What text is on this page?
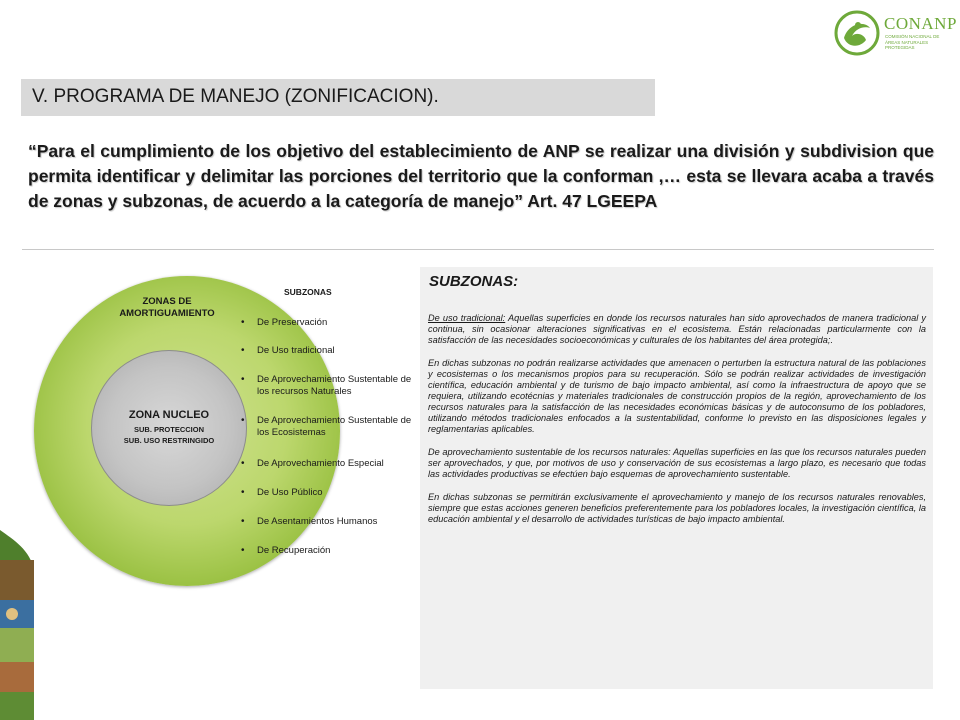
CONANP
COMISIÓN NACIONAL DE ÁREAS NATURALES PROTEGIDAS
V. PROGRAMA DE MANEJO (ZONIFICACION).
“Para el cumplimiento de los objetivo del establecimiento de ANP se realizar una división y subdivision que permita identificar y delimitar las porciones del territorio que la conforman ,… esta se llevara acaba a través de zonas y subzonas, de acuerdo a la categoría de manejo” Art. 47 LGEEPA
ZONAS DE AMORTIGUAMIENTO
ZONA NUCLEO
SUB. PROTECCION
SUB. USO RESTRINGIDO
SUBZONAS
• De Preservación
• De Uso tradicional
• De Aprovechamiento Sustentable de los recursos Naturales
• De Aprovechamiento Sustentable de los Ecosistemas
• De Aprovechamiento Especial
• De Uso Público
• De Asentamientos Humanos
• De Recuperación
SUBZONAS:

De uso tradicional: Aquellas superficies en donde los recursos naturales han sido aprovechados de manera tradicional y continua, sin ocasionar alteraciones significativas en el ecosistema. Están relacionadas particularmente con la satisfacción de las necesidades socioeconómicas y culturales de los habitantes del área protegida;.

En dichas subzonas no podrán realizarse actividades que amenacen o perturben la estructura natural de las poblaciones y ecosistemas o los mecanismos propios para su recuperación. Sólo se podrán realizar actividades de investigación científica, educación ambiental y de turismo de bajo impacto ambiental, así como la infraestructura de apoyo que se requiera, utilizando ecotécnias y materiales tradicionales de construcción propios de la región, aprovechamiento de los recursos naturales para la satisfacción de las necesidades económicas básicas y de autoconsumo de los pobladores, utilizando métodos tradicionales enfocados a la sustentabilidad, conforme lo previsto en las disposiciones legales y reglamentarias aplicables.

De aprovechamiento sustentable de los recursos naturales: Aquellas superficies en las que los recursos naturales pueden ser aprovechados, y que, por motivos de uso y conservación de sus ecosistemas a largo plazo, es necesario que todas las actividades productivas se efectúen bajo esquemas de aprovechamiento sustentable.

En dichas subzonas se permitirán exclusivamente el aprovechamiento y manejo de los recursos naturales renovables, siempre que estas acciones generen beneficios preferentemente para los pobladores locales, la investigación científica, la educación ambiental y el desarrollo de actividades turísticas de bajo impacto ambiental.
